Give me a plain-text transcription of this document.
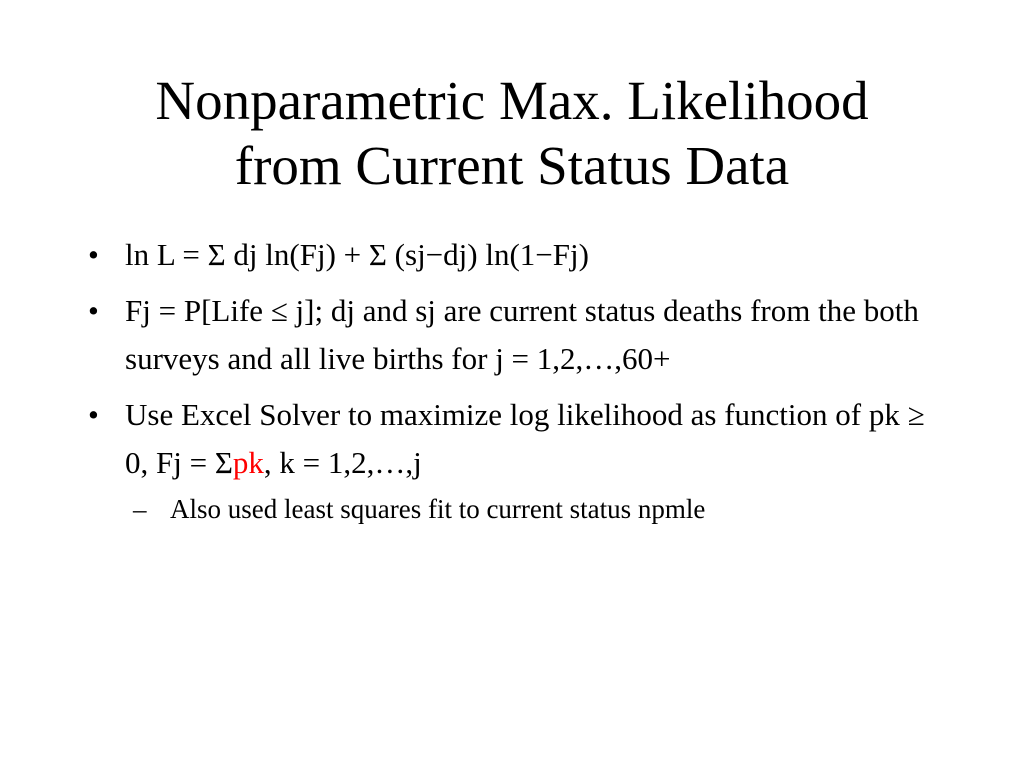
Nonparametric Max. Likelihood
from Current Status Data
• ln L = Σ dj ln(Fj) + Σ (sj−dj) ln(1−Fj)
• Fj = P[Life ≤ j]; dj and sj are current status deaths from the both surveys and all live births for j = 1,2,…,60+
• Use Excel Solver to maximize log likelihood as function of pk ≥ 0, Fj = Σpk, k = 1,2,…,j
– Also used least squares fit to current status npmle
